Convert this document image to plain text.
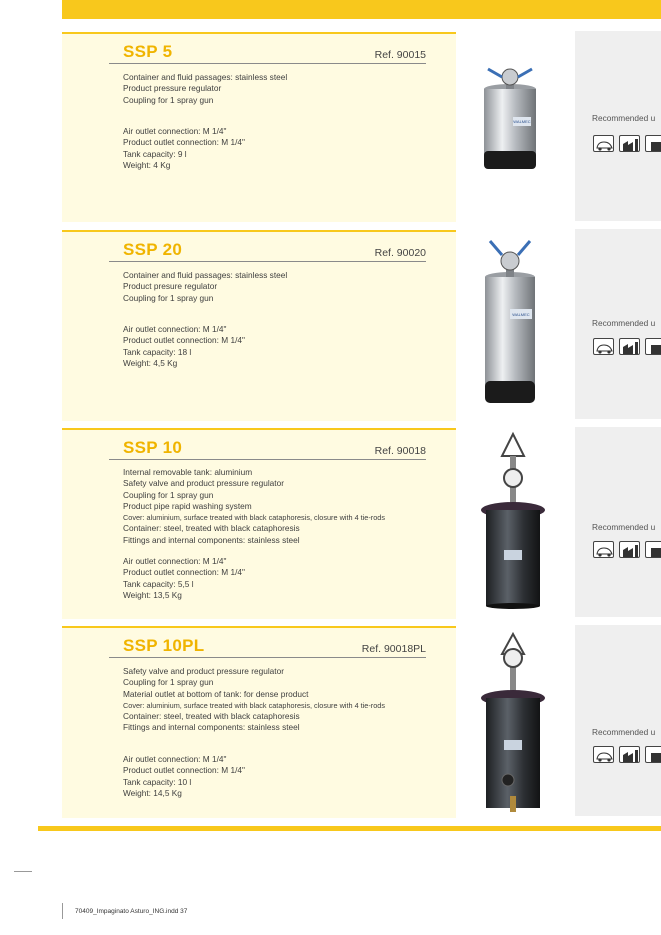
SSP 5	Ref. 90015
Container and fluid passages: stainless steel
Product pressure regulator
Coupling for 1 spray gun
Air outlet connection: M 1/4"
Product outlet connection: M 1/4"
Tank capacity: 9 l
Weight: 4 Kg
SSP 20	Ref. 90020
Container and fluid passages: stainless steel
Product presure regulator
Coupling for 1 spray gun
Air outlet connection: M 1/4"
Product outlet connection: M 1/4"
Tank capacity: 18 l
Weight: 4,5 Kg
SSP 10	Ref. 90018
Internal removable tank: aluminium
Safety valve and product pressure regulator
Coupling for 1 spray gun
Product pipe rapid washing system
Cover: aluminium, surface treated with black cataphoresis, closure with 4 tie-rods
Container: steel, treated with black cataphoresis
Fittings and internal components: stainless steel
Air outlet connection: M 1/4"
Product outlet connection: M 1/4"
Tank capacity: 5,5 l
Weight: 13,5 Kg
SSP 10PL	Ref. 90018PL
Safety valve and product pressure regulator
Coupling for 1 spray gun
Material outlet at bottom of tank: for dense product
Cover: aluminium, surface treated with black cataphoresis, closure with 4 tie-rods
Container: steel, treated with black cataphoresis
Fittings and internal components: stainless steel
Air outlet connection: M 1/4"
Product outlet connection: M 1/4"
Tank capacity: 10 l
Weight: 14,5 Kg
WALMEC
WALMEC
Recommended u
Recommended u
Recommended u
Recommended u
70409_Impaginato Asturo_ING.indd 37
